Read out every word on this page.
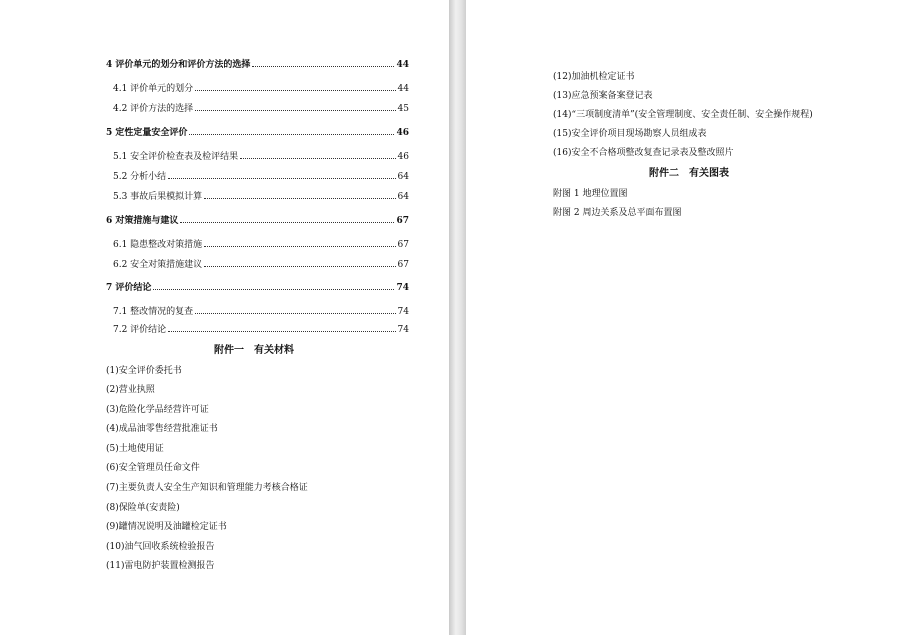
4 评价单元的划分和评价方法的选择	44
4.1 评价单元的划分	44
4.2 评价方法的选择	45
5 定性定量安全评价	46
5.1 安全评价检查表及检评结果	46
5.2 分析小结	64
5.3 事故后果模拟计算	64
6 对策措施与建议	67
6.1 隐患整改对策措施	67
6.2 安全对策措施建议	67
7 评价结论	74
7.1 整改情况的复查	74
7.2 评价结论	74
附件一　有关材料
(1)安全评价委托书
(2)营业执照
(3)危险化学品经营许可证
(4)成品油零售经营批准证书
(5)土地使用证
(6)安全管理员任命文件
(7)主要负责人安全生产知识和管理能力考核合格证
(8)保险单(安责险)
(9)罐情况说明及油罐检定证书
(10)油气回收系统检验报告
(11)雷电防护装置检测报告
(12)加油机检定证书
(13)应急预案备案登记表
(14)“三项制度清单”(安全管理制度、安全责任制、安全操作规程)
(15)安全评价项目现场勘察人员组成表
(16)安全不合格项整改复查记录表及整改照片
附件二　有关图表
附图 1 地理位置图
附图 2 周边关系及总平面布置图
